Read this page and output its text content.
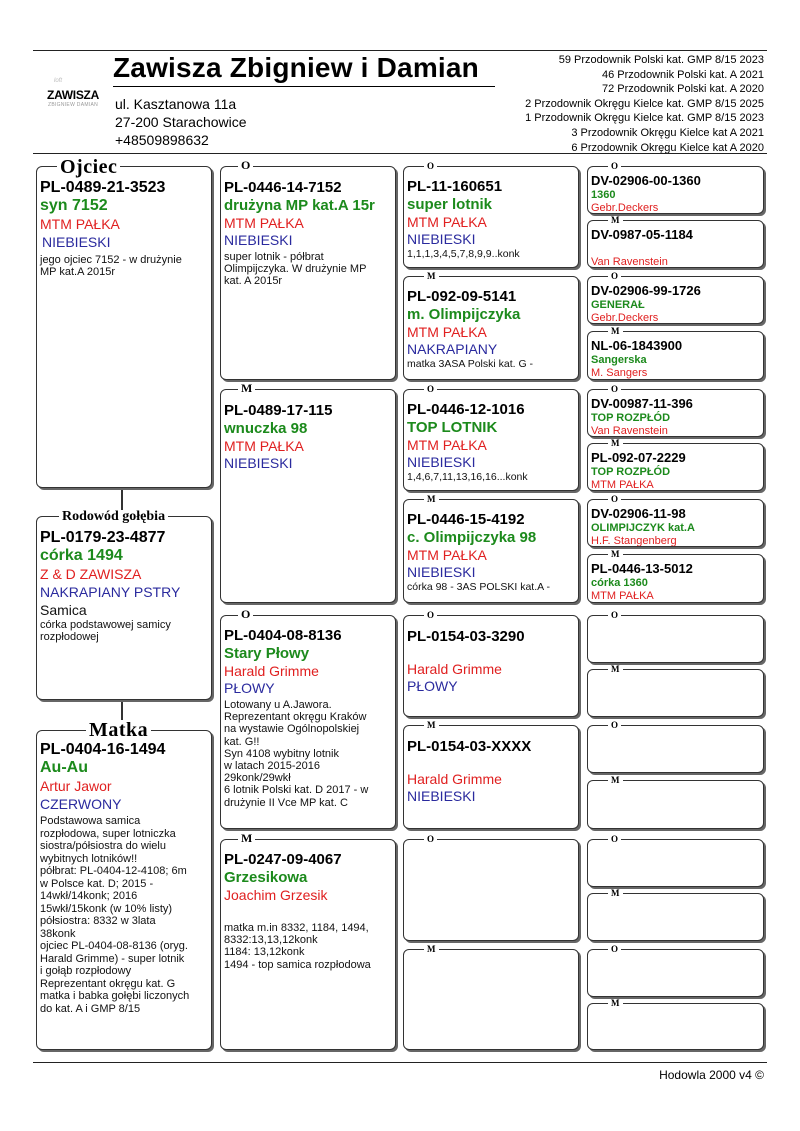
loft
ZAWISZA
ZBIGNIEW DAMIAN
Zawisza Zbigniew i Damian
ul. Kasztanowa 11a
27-200 Starachowice
+48509898632
59 Przodownik Polski kat. GMP 8/15 2023
46 Przodownik Polski kat. A 2021
72 Przodownik Polski kat. A 2020
2 Przodownik Okręgu Kielce kat. GMP 8/15 2025
1 Przodownik Okręgu Kielce kat. GMP 8/15 2023
3 Przodownik Okręgu Kielce kat A 2021
6 Przodownik Okręgu Kielce kat A 2020
PL-0489-21-3523
syn 7152
MTM PAŁKA
NIEBIESKI
jego ojciec 7152 - w drużynie
MP kat.A 2015r
Ojciec
PL-0179-23-4877
córka 1494
Z & D ZAWISZA
NAKRAPIANY PSTRY
Samica
córka podstawowej samicy
rozpłodowej
Rodowód gołębia
PL-0404-16-1494
Au-Au
Artur Jawor
CZERWONY
Podstawowa samica
rozpłodowa, super lotniczka
siostra/półsiostra do wielu
wybitnych lotników!!
półbrat: PL-0404-12-4108; 6m
w Polsce kat. D; 2015 -
14wkł/14konk; 2016
15wkł/15konk (w 10% listy)
półsiostra: 8332 w 3lata
38konk
ojciec PL-0404-08-8136 (oryg.
Harald Grimme) - super lotnik
i gołąb rozpłodowy
Reprezentant okręgu kat. G
matka i babka gołębi liczonych
do kat. A i GMP 8/15
Matka
PL-0446-14-7152
drużyna MP kat.A 15r
MTM PAŁKA
NIEBIESKI
super lotnik - półbrat
Olimpijczyka. W drużynie MP
kat. A 2015r
O
PL-0489-17-115
wnuczka 98
MTM PAŁKA
NIEBIESKI
M
PL-0404-08-8136
Stary Płowy
Harald Grimme
PŁOWY
Lotowany u A.Jawora.
Reprezentant okręgu Kraków
na wystawie Ogólnopolskiej
kat. G!!
Syn 4108 wybitny lotnik
w latach 2015-2016
29konk/29wkł
6 lotnik Polski kat. D 2017 - w
drużynie II Vce MP kat. C
O
PL-0247-09-4067
Grzesikowa
Joachim Grzesik
matka m.in 8332, 1184, 1494,
8332:13,13,12konk
1184: 13,12konk
1494 - top samica rozpłodowa
M
PL-11-160651
super lotnik
MTM PAŁKA
NIEBIESKI
1,1,1,3,4,5,7,8,9,9..konk
O
PL-092-09-5141
m. Olimpijczyka
MTM PAŁKA
NAKRAPIANY
matka 3ASA Polski kat. G -
M
PL-0446-12-1016
TOP LOTNIK
MTM PAŁKA
NIEBIESKI
1,4,6,7,11,13,16,16...konk
O
PL-0446-15-4192
c. Olimpijczyka 98
MTM PAŁKA
NIEBIESKI
córka 98 - 3AS POLSKI kat.A -
M
PL-0154-03-3290
Harald Grimme
PŁOWY
O
PL-0154-03-XXXX
Harald Grimme
NIEBIESKI
M
O
M
DV-02906-00-1360
1360
Gebr.Deckers
O
DV-0987-05-1184
Van Ravenstein
M
DV-02906-99-1726
GENERAŁ
Gebr.Deckers
O
NL-06-1843900
Sangerska
M. Sangers
M
DV-00987-11-396
TOP ROZPŁÓD
Van Ravenstein
O
PL-092-07-2229
TOP ROZPŁÓD
MTM PAŁKA
M
DV-02906-11-98
OLIMPIJCZYK kat.A
H.F. Stangenberg
O
PL-0446-13-5012
córka 1360
MTM PAŁKA
M
O
M
O
M
O
M
O
M
Hodowla 2000 v4 ©
